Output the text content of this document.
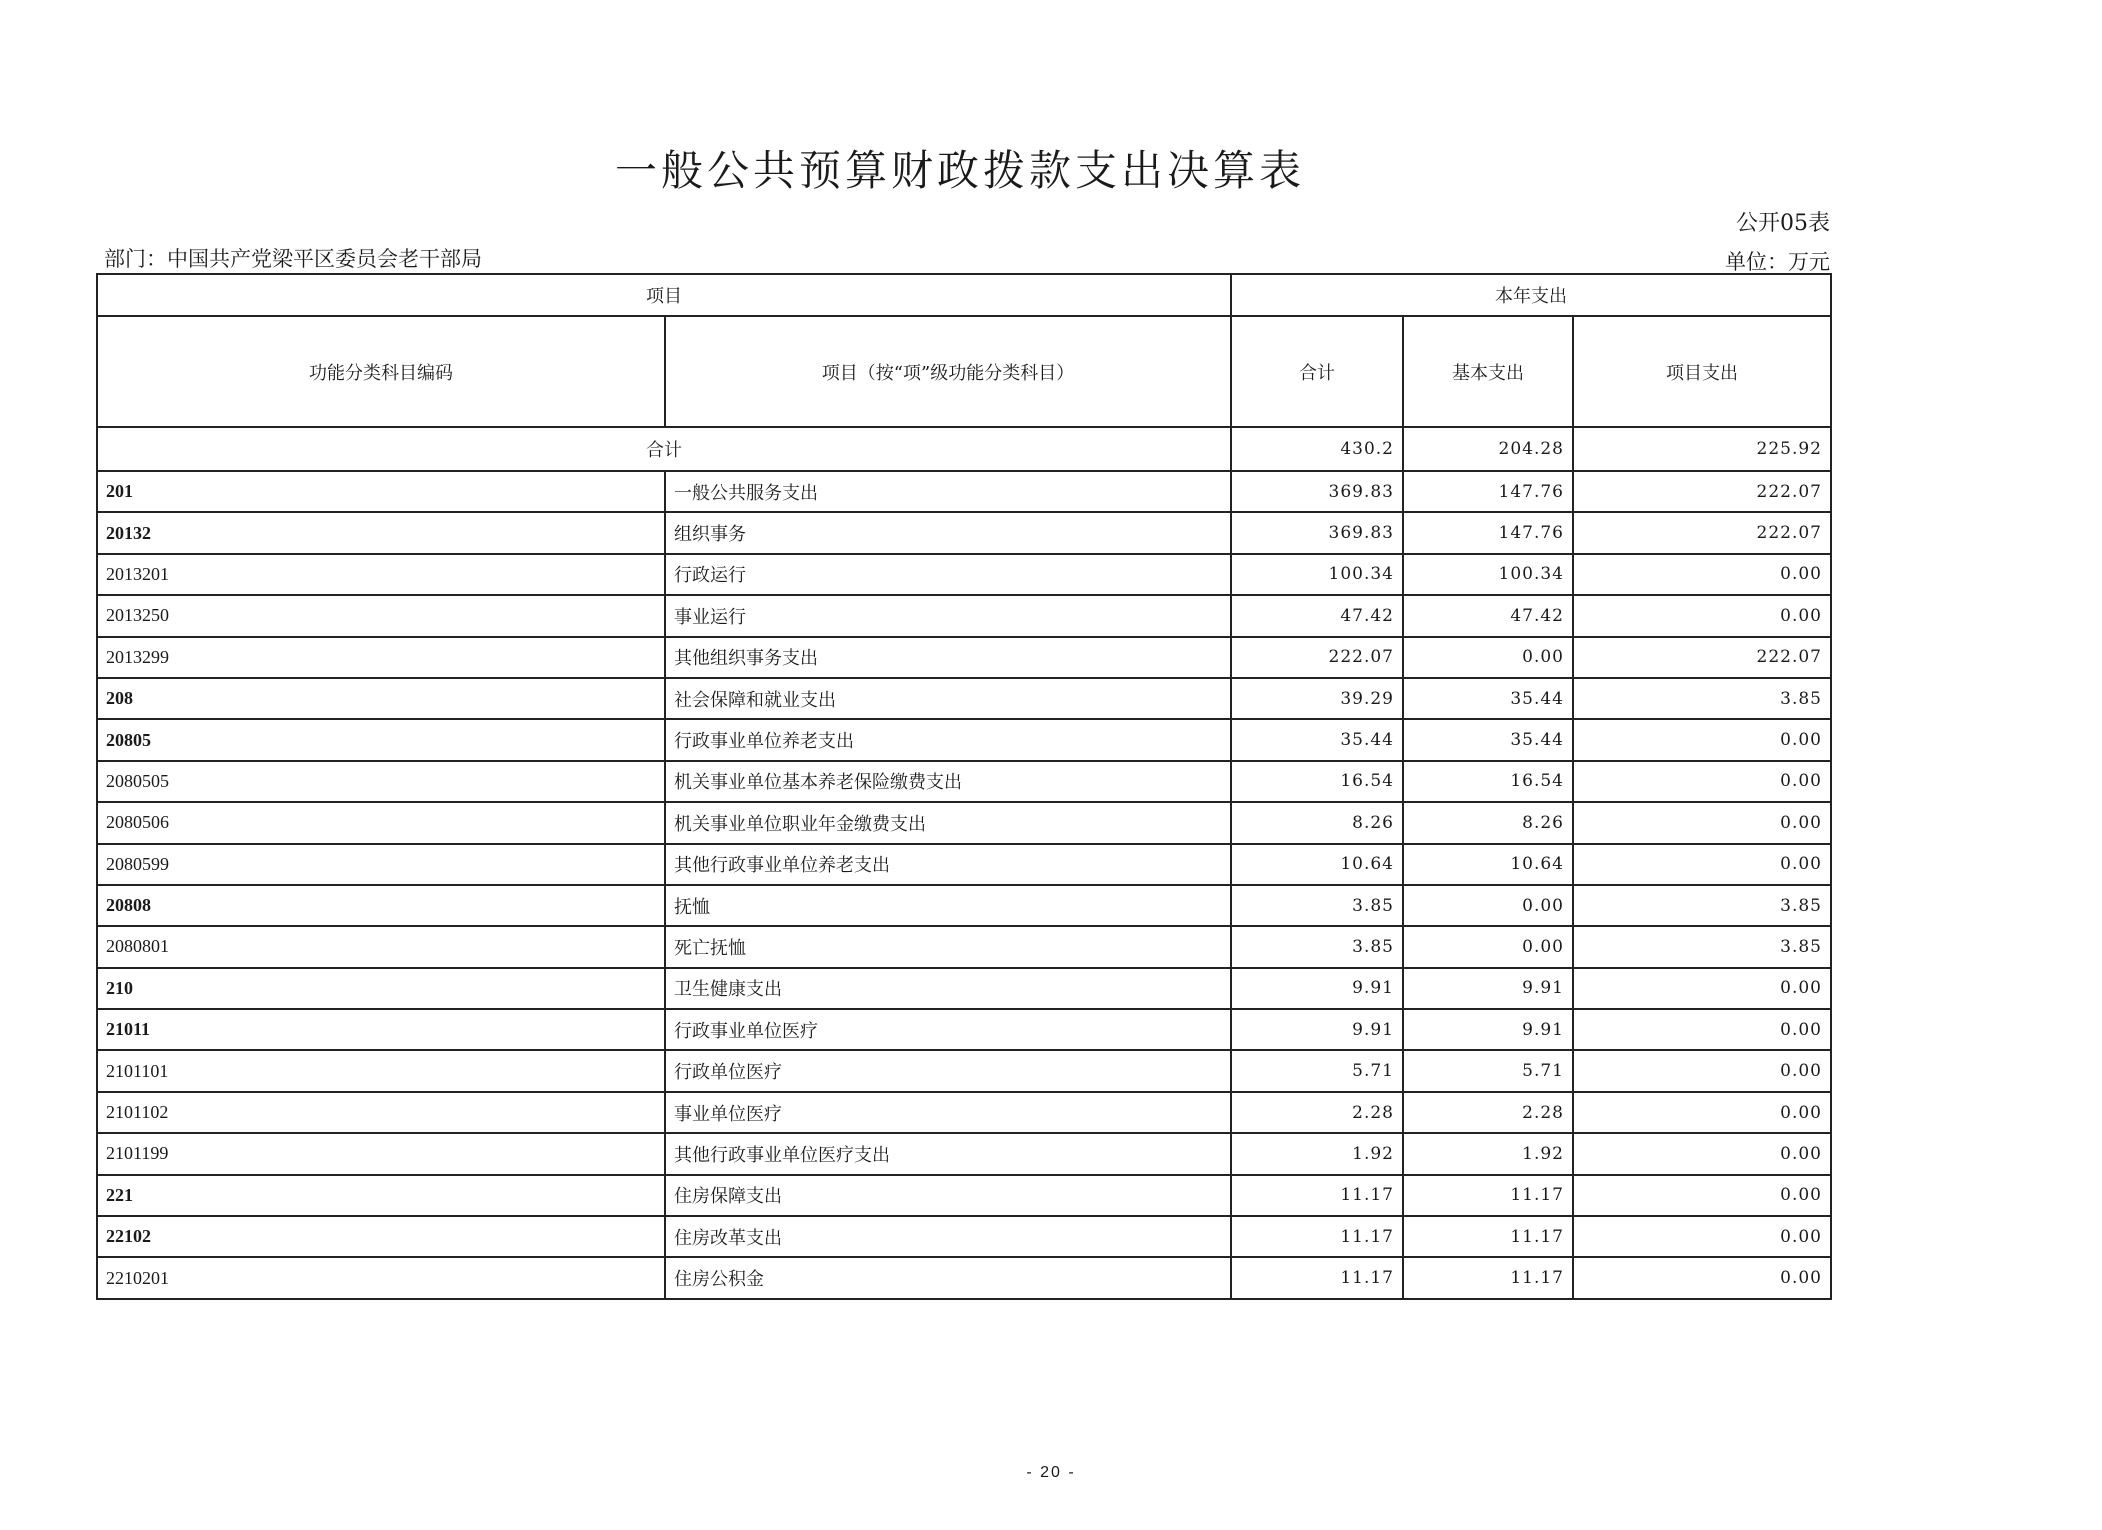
一般公共预算财政拨款支出决算表
公开05表
部门：中国共产党梁平区委员会老干部局	单位：万元
项目		本年支出		
功能分类科目编码	项目（按“项”级功能分类科目）	合计	基本支出	项目支出
合计		430.2	204.28	225.92
201	一般公共服务支出	369.83	147.76	222.07
20132	组织事务	369.83	147.76	222.07
2013201	行政运行	100.34	100.34	0.00
2013250	事业运行	47.42	47.42	0.00
2013299	其他组织事务支出	222.07	0.00	222.07
208	社会保障和就业支出	39.29	35.44	3.85
20805	行政事业单位养老支出	35.44	35.44	0.00
2080505	机关事业单位基本养老保险缴费支出	16.54	16.54	0.00
2080506	机关事业单位职业年金缴费支出	8.26	8.26	0.00
2080599	其他行政事业单位养老支出	10.64	10.64	0.00
20808	抚恤	3.85	0.00	3.85
2080801	死亡抚恤	3.85	0.00	3.85
210	卫生健康支出	9.91	9.91	0.00
21011	行政事业单位医疗	9.91	9.91	0.00
2101101	行政单位医疗	5.71	5.71	0.00
2101102	事业单位医疗	2.28	2.28	0.00
2101199	其他行政事业单位医疗支出	1.92	1.92	0.00
221	住房保障支出	11.17	11.17	0.00
22102	住房改革支出	11.17	11.17	0.00
2210201	住房公积金	11.17	11.17	0.00
- 20 -
